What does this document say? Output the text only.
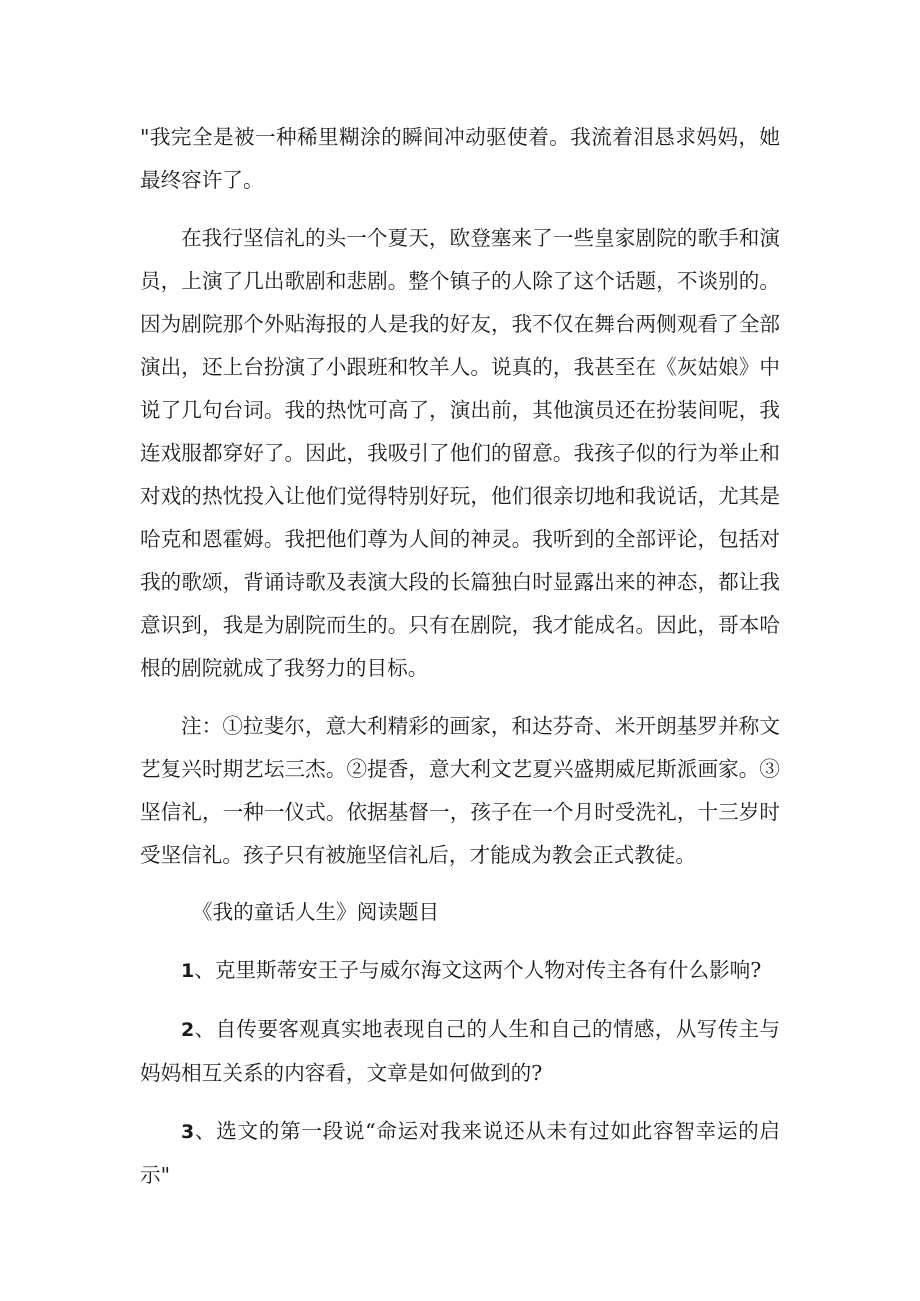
"我完全是被一种稀里糊涂的瞬间冲动驱使着。我流着泪恳求妈妈，她最终容许了。

在我行坚信礼的头一个夏天，欧登塞来了一些皇家剧院的歌手和演员，上演了几出歌剧和悲剧。整个镇子的人除了这个话题，不谈别的。因为剧院那个外贴海报的人是我的好友，我不仅在舞台两侧观看了全部演出，还上台扮演了小跟班和牧羊人。说真的，我甚至在《灰姑娘》中说了几句台词。我的热忱可高了，演出前，其他演员还在扮装间呢，我连戏服都穿好了。因此，我吸引了他们的留意。我孩子似的行为举止和对戏的热忱投入让他们觉得特别好玩，他们很亲切地和我说话，尤其是哈克和恩霍姆。我把他们尊为人间的神灵。我听到的全部评论，包括对我的歌颂，背诵诗歌及表演大段的长篇独白时显露出来的神态，都让我意识到，我是为剧院而生的。只有在剧院，我才能成名。因此，哥本哈根的剧院就成了我努力的目标。

注：①拉斐尔，意大利精彩的画家，和达芬奇、米开朗基罗并称文艺复兴时期艺坛三杰。②提香，意大利文艺夏兴盛期威尼斯派画家。③坚信礼，一种一仪式。依据基督一，孩子在一个月时受洗礼，十三岁时受坚信礼。孩子只有被施坚信礼后，才能成为教会正式教徒。

《我的童话人生》阅读题目

1、克里斯蒂安王子与威尔海文这两个人物对传主各有什么影响?

2、自传要客观真实地表现自己的人生和自己的情感，从写传主与妈妈相互关系的内容看，文章是如何做到的?

3、选文的第一段说“命运对我来说还从未有过如此容智幸运的启示"
